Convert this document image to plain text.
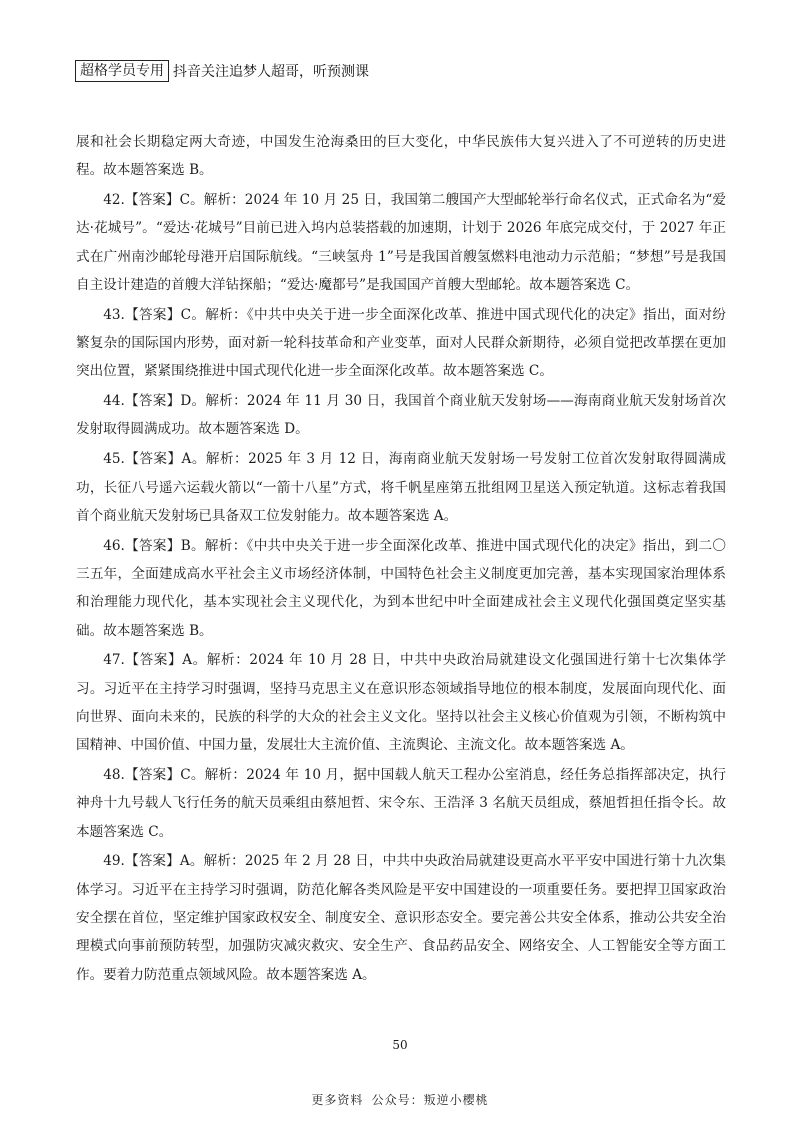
超格学员专用 抖音关注追梦人超哥，听预测课

展和社会长期稳定两大奇迹，中国发生沧海桑田的巨大变化，中华民族伟大复兴进入了不可逆转的历史进程。故本题答案选 B。

42.【答案】C。解析：2024 年 10 月 25 日，我国第二艘国产大型邮轮举行命名仪式，正式命名为“爱达·花城号”。“爱达·花城号”目前已进入坞内总装搭载的加速期，计划于 2026 年底完成交付，于 2027 年正式在广州南沙邮轮母港开启国际航线。“三峡氢舟 1”号是我国首艘氢燃料电池动力示范船；“梦想”号是我国自主设计建造的首艘大洋钻探船；“爱达·魔都号”是我国国产首艘大型邮轮。故本题答案选 C。

43.【答案】C。解析：《中共中央关于进一步全面深化改革、推进中国式现代化的决定》指出，面对纷繁复杂的国际国内形势，面对新一轮科技革命和产业变革，面对人民群众新期待，必须自觉把改革摆在更加突出位置，紧紧围绕推进中国式现代化进一步全面深化改革。故本题答案选 C。

44.【答案】D。解析：2024 年 11 月 30 日，我国首个商业航天发射场——海南商业航天发射场首次发射取得圆满成功。故本题答案选 D。

45.【答案】A。解析：2025 年 3 月 12 日，海南商业航天发射场一号发射工位首次发射取得圆满成功，长征八号遥六运载火箭以“一箭十八星”方式，将千帆星座第五批组网卫星送入预定轨道。这标志着我国首个商业航天发射场已具备双工位发射能力。故本题答案选 A。

46.【答案】B。解析：《中共中央关于进一步全面深化改革、推进中国式现代化的决定》指出，到二〇三五年，全面建成高水平社会主义市场经济体制，中国特色社会主义制度更加完善，基本实现国家治理体系和治理能力现代化，基本实现社会主义现代化，为到本世纪中叶全面建成社会主义现代化强国奠定坚实基础。故本题答案选 B。

47.【答案】A。解析：2024 年 10 月 28 日，中共中央政治局就建设文化强国进行第十七次集体学习。习近平在主持学习时强调，坚持马克思主义在意识形态领域指导地位的根本制度，发展面向现代化、面向世界、面向未来的，民族的科学的大众的社会主义文化。坚持以社会主义核心价值观为引领，不断构筑中国精神、中国价值、中国力量，发展壮大主流价值、主流舆论、主流文化。故本题答案选 A。

48.【答案】C。解析：2024 年 10 月，据中国载人航天工程办公室消息，经任务总指挥部决定，执行神舟十九号载人飞行任务的航天员乘组由蔡旭哲、宋令东、王浩泽 3 名航天员组成，蔡旭哲担任指令长。故本题答案选 C。

49.【答案】A。解析：2025 年 2 月 28 日，中共中央政治局就建设更高水平平安中国进行第十九次集体学习。习近平在主持学习时强调，防范化解各类风险是平安中国建设的一项重要任务。要把捍卫国家政治安全摆在首位，坚定维护国家政权安全、制度安全、意识形态安全。要完善公共安全体系，推动公共安全治理模式向事前预防转型，加强防灾减灾救灾、安全生产、食品药品安全、网络安全、人工智能安全等方面工作。要着力防范重点领域风险。故本题答案选 A。

50
更多资料 公众号：叛逆小樱桃
